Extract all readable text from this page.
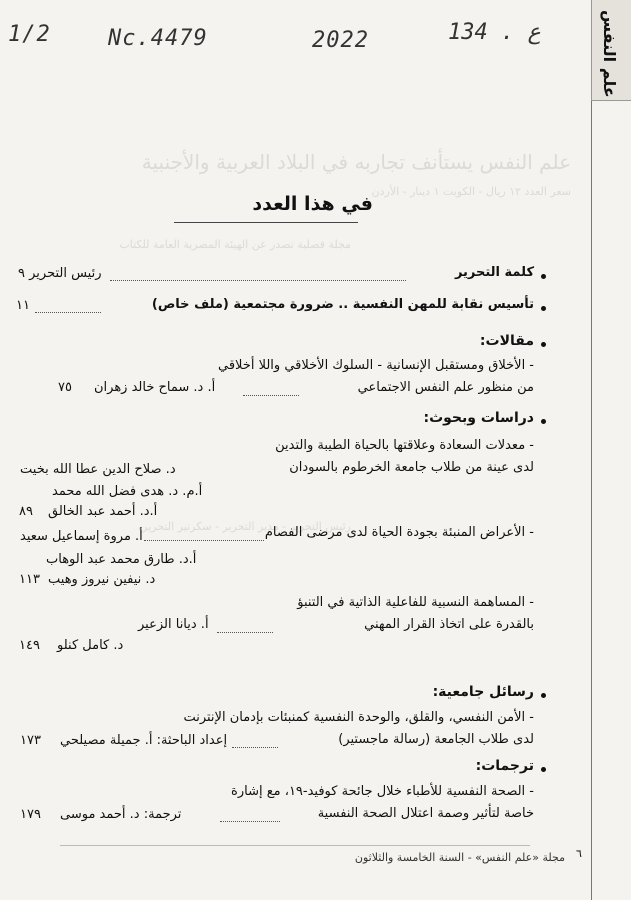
1/2	Nc.4479	2022	134 . ع	علم النفس
علم النفس يستأنف تجاربه في البلاد العربية والأجنبية
سعر العدد ١٢ ريال - الكويت ١ دينار - الأردن
مجلة فصلية تصدر عن الهيئة المصرية العامة للكتاب
رئيس التحرير - مدير التحرير - سكرتير التحرير
في هذا العدد
كلمة التحرير
رئيس التحرير ٩
تأسيس نقابة للمهن النفسية .. ضرورة مجتمعية (ملف خاص)
١١
مقالات:
- الأخلاق ومستقبل الإنسانية - السلوك الأخلاقي واللا أخلاقي
من منظور علم النفس الاجتماعي
أ. د. سماح خالد زهران
٧٥
دراسات وبحوث:
- معدلات السعادة وعلاقتها بالحياة الطيبة والتدين
لدى عينة من طلاب جامعة الخرطوم بالسودان
د. صلاح الدين عطا الله بخيت
أ.م. د. هدى فضل الله محمد
أ.د. أحمد عبد الخالق
٨٩
- الأعراض المنبئة بجودة الحياة لدى مرضى الفصام
أ. مروة إسماعيل سعيد
أ.د. طارق محمد عبد الوهاب
د. نيفين نيروز وهيب
١١٣
- المساهمة النسبية للفاعلية الذاتية في التنبؤ
بالقدرة على اتخاذ القرار المهني
أ. ديانا الزعير
د. كامل كنلو
١٤٩
رسائل جامعية:
- الأمن النفسي، والقلق، والوحدة النفسية كمنبئات بإدمان الإنترنت
لدى طلاب الجامعة (رسالة ماجستير)
إعداد الباحثة: أ. جميلة مصيلحي
١٧٣
ترجمات:
- الصحة النفسية للأطباء خلال جائحة كوفيد-١٩، مع إشارة
خاصة لتأثير وصمة اعتلال الصحة النفسية
ترجمة: د. أحمد موسى
١٧٩
٦
مجلة «علم النفس» - السنة الخامسة والثلاثون
